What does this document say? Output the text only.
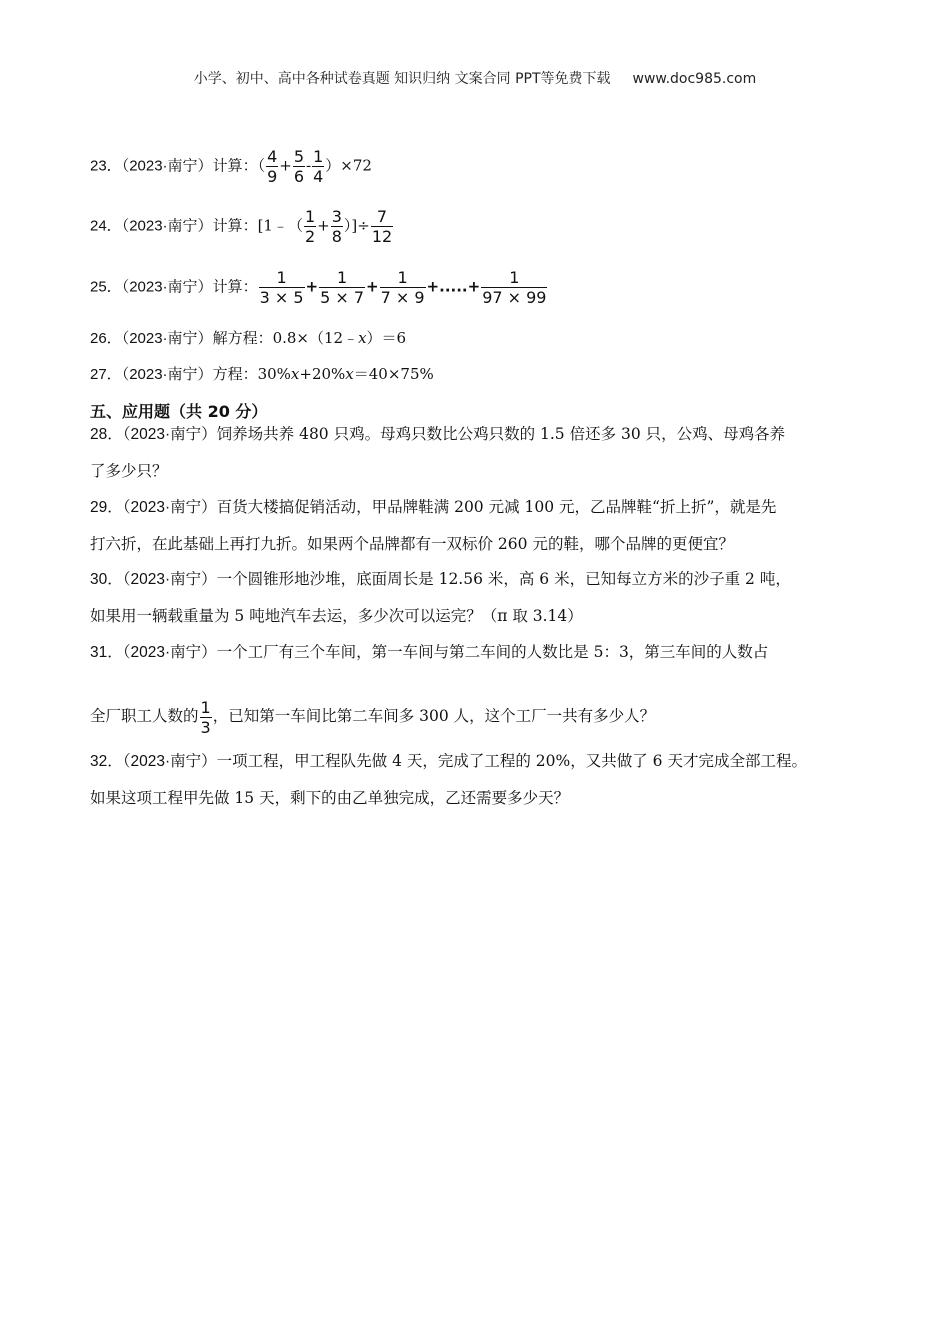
小学、初中、高中各种试卷真题 知识归纳 文案合同 PPT等免费下载 www.doc985.com
23．（2023·南宁）计算：（ $\frac{4}{9} + \frac{5}{6} - \frac{1}{4} )\times 72$
24．（2023·南宁）计算：[1﹣（ $\frac{1}{2} + \frac{3}{8}$ ）]÷ $\frac{7}{12}$
25．（2023·南宁）计算： $\frac{1}{3 \times 5} + \frac{1}{5 \times 7} + \frac{1}{7 \times 9}$ +.....+ $\frac{1}{97 \times 99}$
26．（2023·南宁）解方程：0.8×（12﹣x）＝6
27．（2023·南宁）方程：30%x+20%x＝40×75%
五、应用题（共 20 分）
28．（2023·南宁）饲养场共养 480 只鸡。母鸡只数比公鸡只数的 1.5 倍还多 30 只，公鸡、母鸡各养
了多少只？
29．（2023·南宁）百货大楼搞促销活动，甲品牌鞋满 200 元减 100 元，乙品牌鞋“折上折”，就是先
打六折，在此基础上再打九折。如果两个品牌都有一双标价 260 元的鞋，哪个品牌的更便宜？
30．（2023·南宁）一个圆锥形地沙堆，底面周长是 12.56 米，高 6 米，已知每立方米的沙子重 2 吨，
如果用一辆载重量为 5 吨地汽车去运，多少次可以运完？（π 取 3.14）
31．（2023·南宁）一个工厂有三个车间，第一车间与第二车间的人数比是 5：3，第三车间的人数占
全厂职工人数的 $\frac{1}{3}$ ，已知第一车间比第二车间多 300 人，这个工厂一共有多少人？
32．（2023·南宁）一项工程，甲工程队先做 4 天，完成了工程的 20%，又共做了 6 天才完成全部工程。
如果这项工程甲先做 15 天，剩下的由乙单独完成，乙还需要多少天？
